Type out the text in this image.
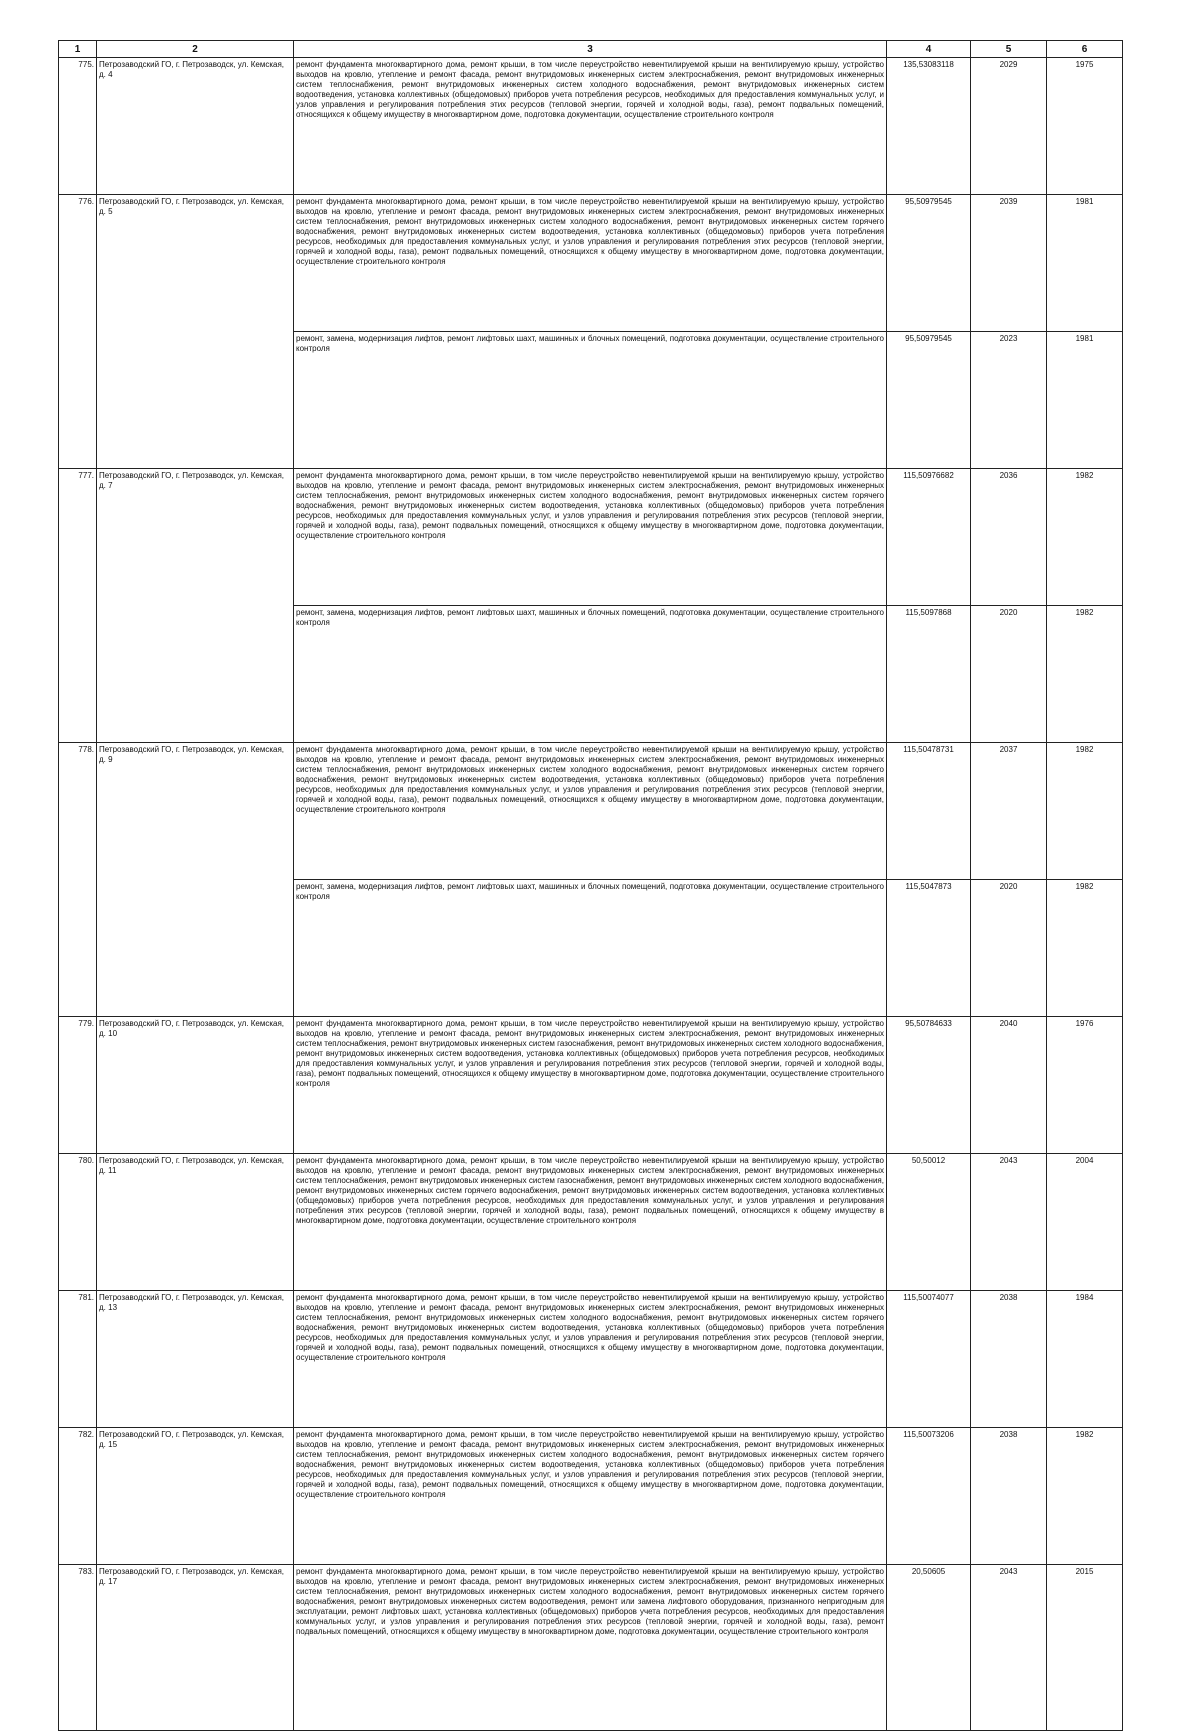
1	2	3	4	5	6
775.	Петрозаводский ГО, г. Петрозаводск, ул. Кемская, д. 4	ремонт фундамента многоквартирного дома, ремонт крыши, в том числе переустройство невентилируемой крыши на вентилируемую крышу, устройство выходов на кровлю, утепление и ремонт фасада, ремонт внутридомовых инженерных систем электроснабжения, ремонт внутридомовых инженерных систем теплоснабжения, ремонт внутридомовых инженерных систем холодного водоснабжения, ремонт внутридомовых инженерных систем водоотведения, установка коллективных (общедомовых) приборов учета потребления ресурсов, необходимых для предоставления коммунальных услуг, и узлов управления и регулирования потребления этих ресурсов (тепловой энергии, горячей и холодной воды, газа), ремонт подвальных помещений, относящихся к общему имуществу в многоквартирном доме, подготовка документации, осуществление строительного контроля	135,53083118	2029	1975
776.	Петрозаводский ГО, г. Петрозаводск, ул. Кемская, д. 5	ремонт фундамента многоквартирного дома, ремонт крыши, в том числе переустройство невентилируемой крыши на вентилируемую крышу, устройство выходов на кровлю, утепление и ремонт фасада, ремонт внутридомовых инженерных систем электроснабжения, ремонт внутридомовых инженерных систем теплоснабжения, ремонт внутридомовых инженерных систем холодного водоснабжения, ремонт внутридомовых инженерных систем горячего водоснабжения, ремонт внутридомовых инженерных систем водоотведения, установка коллективных (общедомовых) приборов учета потребления ресурсов, необходимых для предоставления коммунальных услуг, и узлов управления и регулирования потребления этих ресурсов (тепловой энергии, горячей и холодной воды, газа), ремонт подвальных помещений, относящихся к общему имуществу в многоквартирном доме, подготовка документации, осуществление строительного контроля	95,50979545	2039	1981
		ремонт, замена, модернизация лифтов, ремонт лифтовых шахт, машинных и блочных помещений, подготовка документации, осуществление строительного контроля	95,50979545	2023	1981
777.	Петрозаводский ГО, г. Петрозаводск, ул. Кемская, д. 7	ремонт фундамента многоквартирного дома, ремонт крыши, в том числе переустройство невентилируемой крыши на вентилируемую крышу, устройство выходов на кровлю, утепление и ремонт фасада, ремонт внутридомовых инженерных систем электроснабжения, ремонт внутридомовых инженерных систем теплоснабжения, ремонт внутридомовых инженерных систем холодного водоснабжения, ремонт внутридомовых инженерных систем горячего водоснабжения, ремонт внутридомовых инженерных систем водоотведения, установка коллективных (общедомовых) приборов учета потребления ресурсов, необходимых для предоставления коммунальных услуг, и узлов управления и регулирования потребления этих ресурсов (тепловой энергии, горячей и холодной воды, газа), ремонт подвальных помещений, относящихся к общему имуществу в многоквартирном доме, подготовка документации, осуществление строительного контроля	115,50976682	2036	1982
		ремонт, замена, модернизация лифтов, ремонт лифтовых шахт, машинных и блочных помещений, подготовка документации, осуществление строительного контроля	115,5097868	2020	1982
778.	Петрозаводский ГО, г. Петрозаводск, ул. Кемская, д. 9	ремонт фундамента многоквартирного дома, ремонт крыши, в том числе переустройство невентилируемой крыши на вентилируемую крышу, устройство выходов на кровлю, утепление и ремонт фасада, ремонт внутридомовых инженерных систем электроснабжения, ремонт внутридомовых инженерных систем теплоснабжения, ремонт внутридомовых инженерных систем холодного водоснабжения, ремонт внутридомовых инженерных систем горячего водоснабжения, ремонт внутридомовых инженерных систем водоотведения, установка коллективных (общедомовых) приборов учета потребления ресурсов, необходимых для предоставления коммунальных услуг, и узлов управления и регулирования потребления этих ресурсов (тепловой энергии, горячей и холодной воды, газа), ремонт подвальных помещений, относящихся к общему имуществу в многоквартирном доме, подготовка документации, осуществление строительного контроля	115,50478731	2037	1982
		ремонт, замена, модернизация лифтов, ремонт лифтовых шахт, машинных и блочных помещений, подготовка документации, осуществление строительного контроля	115,5047873	2020	1982
779.	Петрозаводский ГО, г. Петрозаводск, ул. Кемская, д. 10	ремонт фундамента многоквартирного дома, ремонт крыши, в том числе переустройство невентилируемой крыши на вентилируемую крышу, устройство выходов на кровлю, утепление и ремонт фасада, ремонт внутридомовых инженерных систем электроснабжения, ремонт внутридомовых инженерных систем теплоснабжения, ремонт внутридомовых инженерных систем газоснабжения, ремонт внутридомовых инженерных систем холодного водоснабжения, ремонт внутридомовых инженерных систем водоотведения, установка коллективных (общедомовых) приборов учета потребления ресурсов, необходимых для предоставления коммунальных услуг, и узлов управления и регулирования потребления этих ресурсов (тепловой энергии, горячей и холодной воды, газа), ремонт подвальных помещений, относящихся к общему имуществу в многоквартирном доме, подготовка документации, осуществление строительного контроля	95,50784633	2040	1976
780.	Петрозаводский ГО, г. Петрозаводск, ул. Кемская, д. 11	ремонт фундамента многоквартирного дома, ремонт крыши, в том числе переустройство невентилируемой крыши на вентилируемую крышу, устройство выходов на кровлю, утепление и ремонт фасада, ремонт внутридомовых инженерных систем электроснабжения, ремонт внутридомовых инженерных систем теплоснабжения, ремонт внутридомовых инженерных систем газоснабжения, ремонт внутридомовых инженерных систем холодного водоснабжения, ремонт внутридомовых инженерных систем горячего водоснабжения, ремонт внутридомовых инженерных систем водоотведения, установка коллективных (общедомовых) приборов учета потребления ресурсов, необходимых для предоставления коммунальных услуг, и узлов управления и регулирования потребления этих ресурсов (тепловой энергии, горячей и холодной воды, газа), ремонт подвальных помещений, относящихся к общему имуществу в многоквартирном доме, подготовка документации, осуществление строительного контроля	50,50012	2043	2004
781.	Петрозаводский ГО, г. Петрозаводск, ул. Кемская, д. 13	ремонт фундамента многоквартирного дома, ремонт крыши, в том числе переустройство невентилируемой крыши на вентилируемую крышу, устройство выходов на кровлю, утепление и ремонт фасада, ремонт внутридомовых инженерных систем электроснабжения, ремонт внутридомовых инженерных систем теплоснабжения, ремонт внутридомовых инженерных систем холодного водоснабжения, ремонт внутридомовых инженерных систем горячего водоснабжения, ремонт внутридомовых инженерных систем водоотведения, установка коллективных (общедомовых) приборов учета потребления ресурсов, необходимых для предоставления коммунальных услуг, и узлов управления и регулирования потребления этих ресурсов (тепловой энергии, горячей и холодной воды, газа), ремонт подвальных помещений, относящихся к общему имуществу в многоквартирном доме, подготовка документации, осуществление строительного контроля	115,50074077	2038	1984
782.	Петрозаводский ГО, г. Петрозаводск, ул. Кемская, д. 15	ремонт фундамента многоквартирного дома, ремонт крыши, в том числе переустройство невентилируемой крыши на вентилируемую крышу, устройство выходов на кровлю, утепление и ремонт фасада, ремонт внутридомовых инженерных систем электроснабжения, ремонт внутридомовых инженерных систем теплоснабжения, ремонт внутридомовых инженерных систем холодного водоснабжения, ремонт внутридомовых инженерных систем горячего водоснабжения, ремонт внутридомовых инженерных систем водоотведения, установка коллективных (общедомовых) приборов учета потребления ресурсов, необходимых для предоставления коммунальных услуг, и узлов управления и регулирования потребления этих ресурсов (тепловой энергии, горячей и холодной воды, газа), ремонт подвальных помещений, относящихся к общему имуществу в многоквартирном доме, подготовка документации, осуществление строительного контроля	115,50073206	2038	1982
783.	Петрозаводский ГО, г. Петрозаводск, ул. Кемская, д. 17	ремонт фундамента многоквартирного дома, ремонт крыши, в том числе переустройство невентилируемой крыши на вентилируемую крышу, устройство выходов на кровлю, утепление и ремонт фасада, ремонт внутридомовых инженерных систем электроснабжения, ремонт внутридомовых инженерных систем теплоснабжения, ремонт внутридомовых инженерных систем холодного водоснабжения, ремонт внутридомовых инженерных систем горячего водоснабжения, ремонт внутридомовых инженерных систем водоотведения, ремонт или замена лифтового оборудования, признанного непригодным для эксплуатации, ремонт лифтовых шахт, установка коллективных (общедомовых) приборов учета потребления ресурсов, необходимых для предоставления коммунальных услуг, и узлов управления и регулирования потребления этих ресурсов (тепловой энергии, горячей и холодной воды, газа), ремонт подвальных помещений, относящихся к общему имуществу в многоквартирном доме, подготовка документации, осуществление строительного контроля	20,50605	2043	2015
